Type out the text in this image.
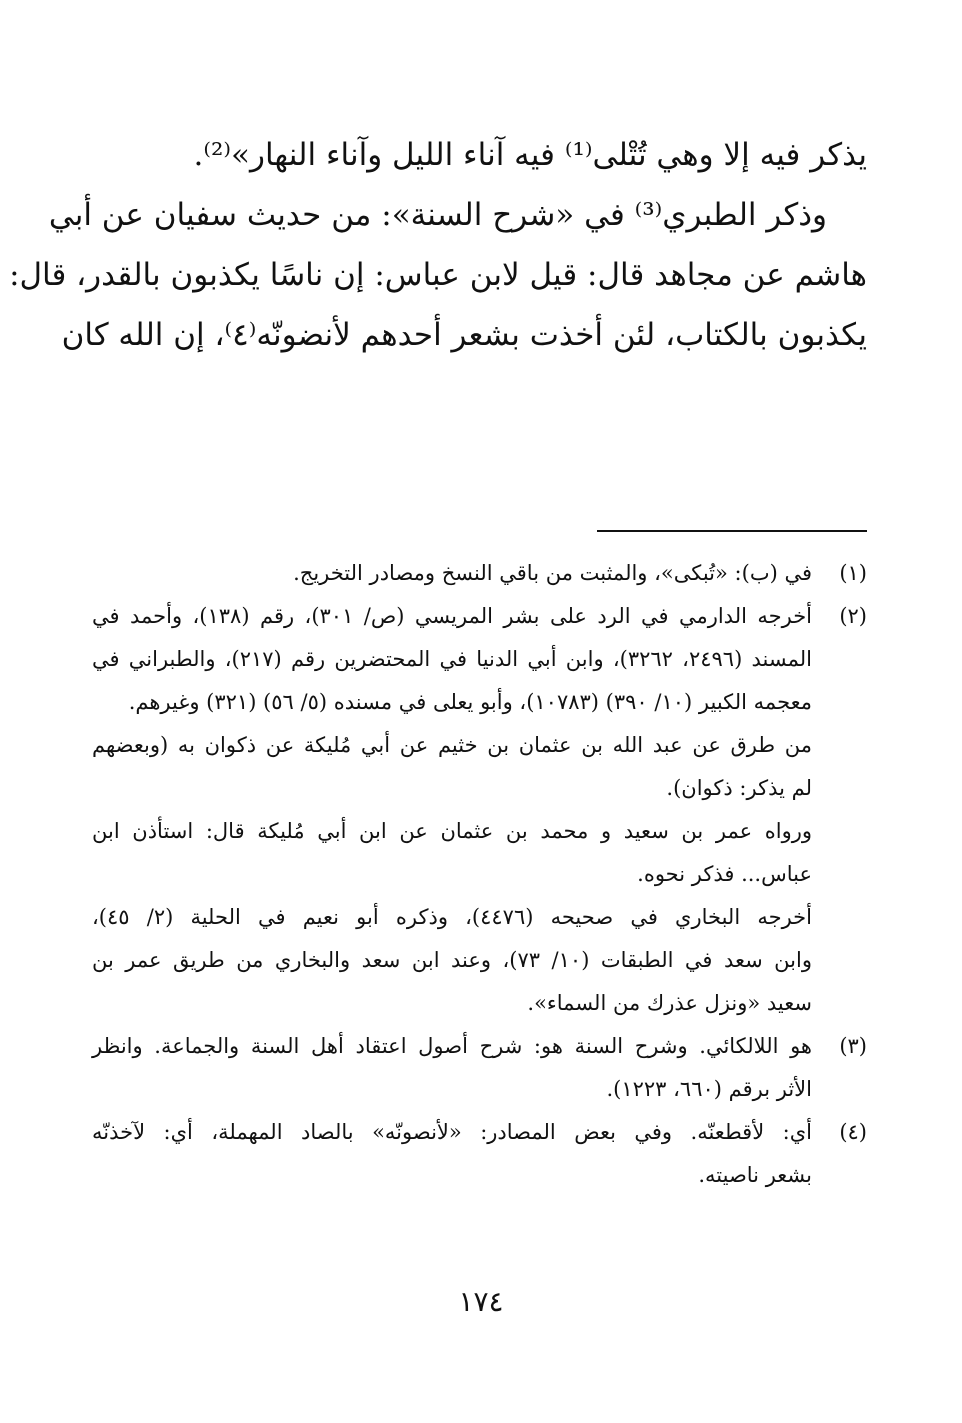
يذكر فيه إلا وهي تُتْلى⁽¹⁾ فيه آناء الليل وآناء النهار»⁽²⁾.
وذكر الطبري⁽³⁾ في «شرح السنة»: من حديث سفيان عن أبي
هاشم عن مجاهد قال: قيل لابن عباس: إن ناسًا يكذبون بالقدر، قال:
يكذبون بالكتاب، لئن أخذت بشعر أحدهم لأنضونّه⁽٤⁾، إن الله كان
(١)
في (ب): «تُبكى»، والمثبت من باقي النسخ ومصادر التخريج.
(٢)
أخرجه الدارمي في الرد على بشر المريسي (ص/ ٣٠١)، رقم (١٣٨)، وأحمد في
المسند (٢٤٩٦، ٣٢٦٢)، وابن أبي الدنيا في المحتضرين رقم (٢١٧)، والطبراني في
معجمه الكبير (١٠/ ٣٩٠) (١٠٧٨٣)، وأبو يعلى في مسنده (٥/ ٥٦) (٣٢١) وغيرهم.
من طرق عن عبد الله بن عثمان بن خثيم عن أبي مُليكة عن ذكوان به (وبعضهم
لم يذكر: ذكوان).
ورواه عمر بن سعيد و محمد بن عثمان عن ابن أبي مُليكة قال: استأذن ابن
عباس... فذكر نحوه.
أخرجه البخاري في صحيحه (٤٤٧٦)، وذكره أبو نعيم في الحلية (٢/ ٤٥)،
وابن سعد في الطبقات (١٠/ ٧٣)، وعند ابن سعد والبخاري من طريق عمر بن
سعيد «ونزل عذرك من السماء».
(٣)
هو اللالكائي. وشرح السنة هو: شرح أصول اعتقاد أهل السنة والجماعة. وانظر
الأثر برقم (٦٦٠، ١٢٢٣).
(٤)
أي: لأقطعنّه. وفي بعض المصادر: «لأنصونّه» بالصاد المهملة، أي: لآخذنّه
بشعر ناصيته.
١٧٤
